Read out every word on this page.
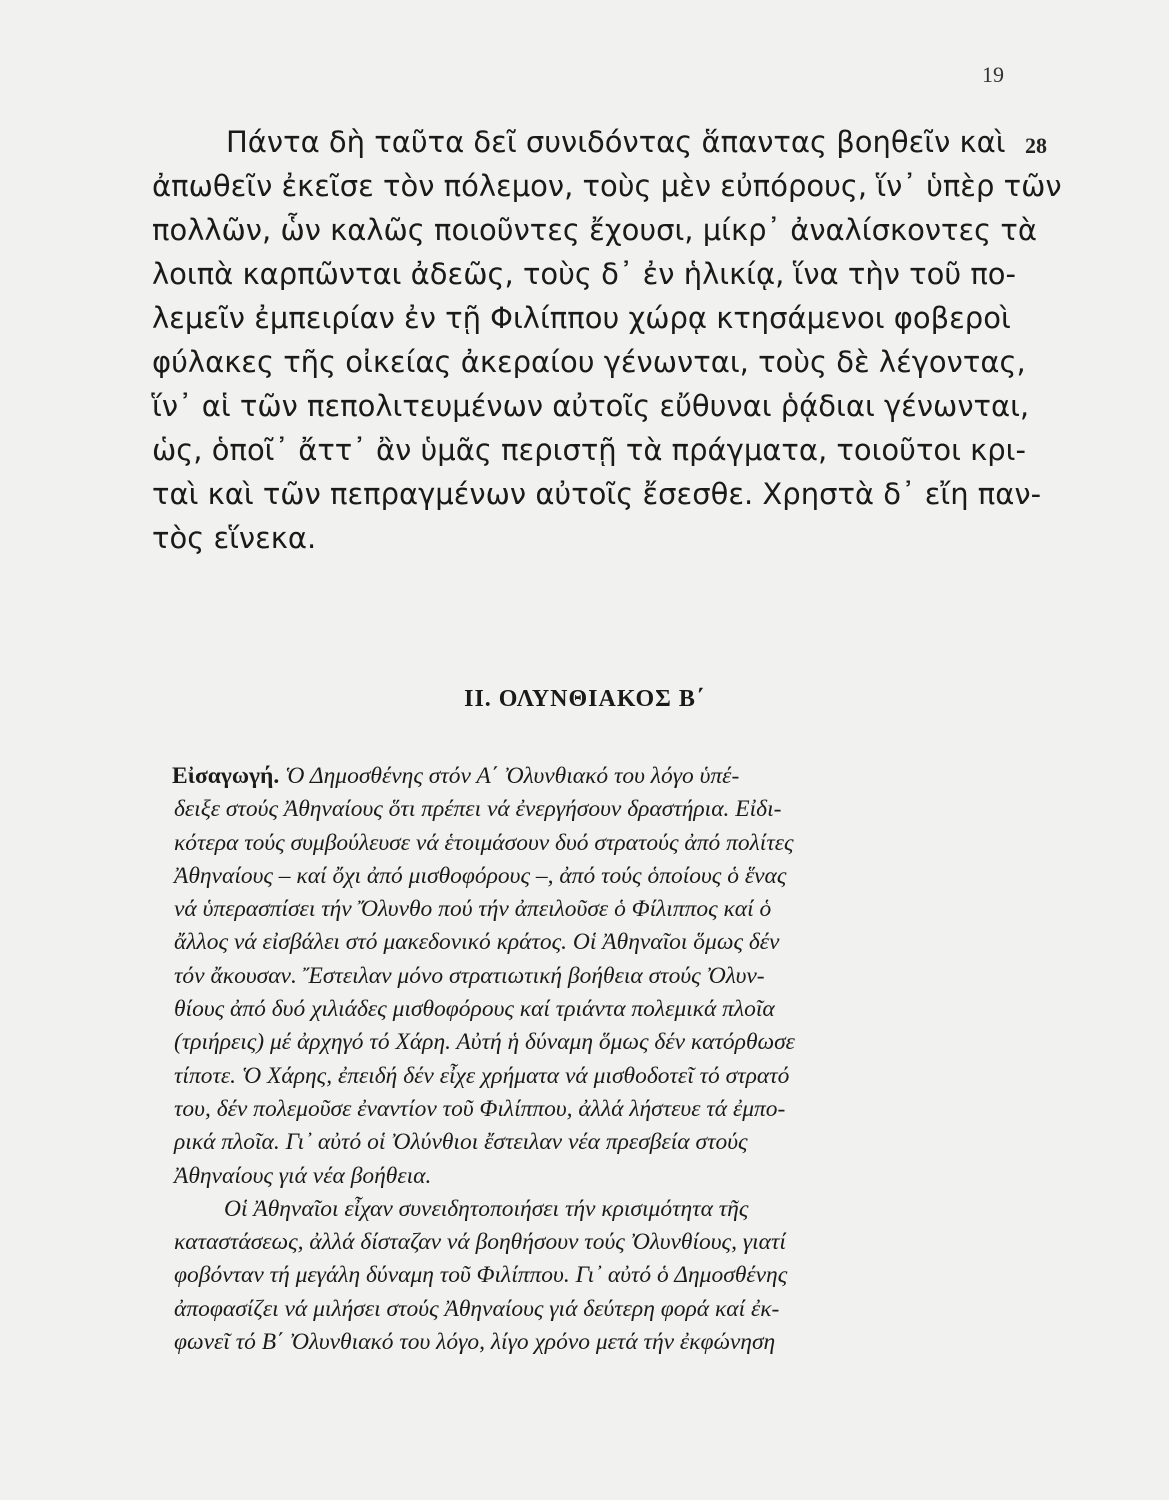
19
28
Πάντα δὴ ταῦτα δεῖ συνιδόντας ἅπαντας βοηθεῖν καὶ
ἀπωθεῖν ἐκεῖσε τὸν πόλεμον, τοὺς μὲν εὐπόρους, ἵν᾽ ὑπὲρ τῶν
πολλῶν, ὧν καλῶς ποιοῦντες ἔχουσι, μίκρ᾽ ἀναλίσκοντες τὰ
λοιπὰ καρπῶνται ἀδεῶς, τοὺς δ᾽ ἐν ἡλικίᾳ, ἵνα τὴν τοῦ πο-
λεμεῖν ἐμπειρίαν ἐν τῇ Φιλίππου χώρᾳ κτησάμενοι φοβεροὶ
φύλακες τῆς οἰκείας ἀκεραίου γένωνται, τοὺς δὲ λέγοντας,
ἵν᾽ αἱ τῶν πεπολιτευμένων αὐτοῖς εὔθυναι ῥᾴδιαι γένωνται,
ὡς, ὁποῖ᾽ ἄττ᾽ ἂν ὑμᾶς περιστῇ τὰ πράγματα, τοιοῦτοι κρι-
ταὶ καὶ τῶν πεπραγμένων αὐτοῖς ἔσεσθε. Χρηστὰ δ᾽ εἴη παν-
τὸς εἵνεκα.
II. ΟΛΥΝΘΙΑΚΟΣ Β΄
Εἰσαγωγή. Ὁ Δημοσθένης στόν Α΄ Ὀλυνθιακό του λόγο ὑπέ-
δειξε στούς Ἀθηναίους ὅτι πρέπει νά ἐνεργήσουν δραστήρια. Εἰδι-
κότερα τούς συμβούλευσε νά ἑτοιμάσουν δυό στρατούς ἀπό πολίτες
Ἀθηναίους – καί ὄχι ἀπό μισθοφόρους –, ἀπό τούς ὁποίους ὁ ἕνας
νά ὑπερασπίσει τήν Ὄλυνθο πού τήν ἀπειλοῦσε ὁ Φίλιππος καί ὁ
ἄλλος νά εἰσβάλει στό μακεδονικό κράτος. Οἱ Ἀθηναῖοι ὅμως δέν
τόν ἄκουσαν. Ἔστειλαν μόνο στρατιωτική βοήθεια στούς Ὀλυν-
θίους ἀπό δυό χιλιάδες μισθοφόρους καί τριάντα πολεμικά πλοῖα
(τριήρεις) μέ ἀρχηγό τό Χάρη. Αὐτή ἡ δύναμη ὅμως δέν κατόρθωσε
τίποτε. Ὁ Χάρης, ἐπειδή δέν εἶχε χρήματα νά μισθοδοτεῖ τό στρατό
του, δέν πολεμοῦσε ἐναντίον τοῦ Φιλίππου, ἀλλά λήστευε τά ἐμπο-
ρικά πλοῖα. Γι᾽ αὐτό οἱ Ὀλύνθιοι ἔστειλαν νέα πρεσβεία στούς
Ἀθηναίους γιά νέα βοήθεια.
Οἱ Ἀθηναῖοι εἶχαν συνειδητοποιήσει τήν κρισιμότητα τῆς
καταστάσεως, ἀλλά δίσταζαν νά βοηθήσουν τούς Ὀλυνθίους, γιατί
φοβόνταν τή μεγάλη δύναμη τοῦ Φιλίππου. Γι᾽ αὐτό ὁ Δημοσθένης
ἀποφασίζει νά μιλήσει στούς Ἀθηναίους γιά δεύτερη φορά καί ἐκ-
φωνεῖ τό Β΄ Ὀλυνθιακό του λόγο, λίγο χρόνο μετά τήν ἐκφώνηση
